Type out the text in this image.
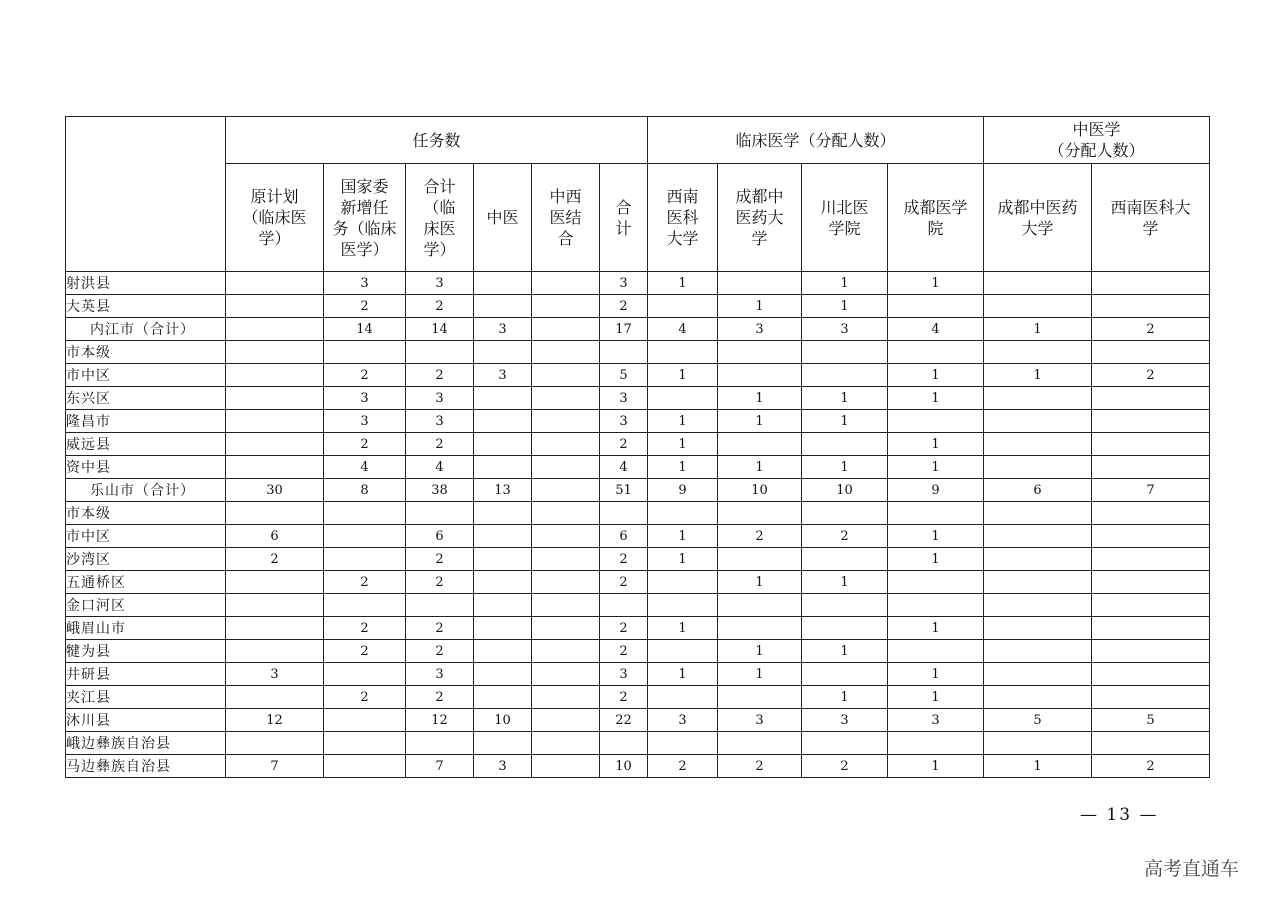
	任务数						临床医学（分配人数）				中医学
（分配人数）	
	原计划
（临床医
学）	国家委
新增任
务（临床
医学）	合计
（临
床医
学）	中医	中西
医结
合	合
计	西南
医科
大学	成都中
医药大
学	川北医
学院	成都医学
院	成都中医药
大学	西南医科大
学
射洪县		3	3			3	1		1	1		
大英县		2	2			2		1	1			
内江市（合计）		14	14	3		17	4	3	3	4	1	2
市本级												
市中区		2	2	3		5	1			1	1	2
东兴区		3	3			3		1	1	1		
隆昌市		3	3			3	1	1	1			
威远县		2	2			2	1			1		
资中县		4	4			4	1	1	1	1		
乐山市（合计）	30	8	38	13		51	9	10	10	9	6	7
市本级												
市中区	6		6			6	1	2	2	1		
沙湾区	2		2			2	1			1		
五通桥区		2	2			2		1	1			
金口河区												
峨眉山市		2	2			2	1			1		
犍为县		2	2			2		1	1			
井研县	3		3			3	1	1		1		
夹江县		2	2			2			1	1		
沐川县	12		12	10		22	3	3	3	3	5	5
峨边彝族自治县												
马边彝族自治县	7		7	3		10	2	2	2	1	1	2
— 13 —
高考直通车
